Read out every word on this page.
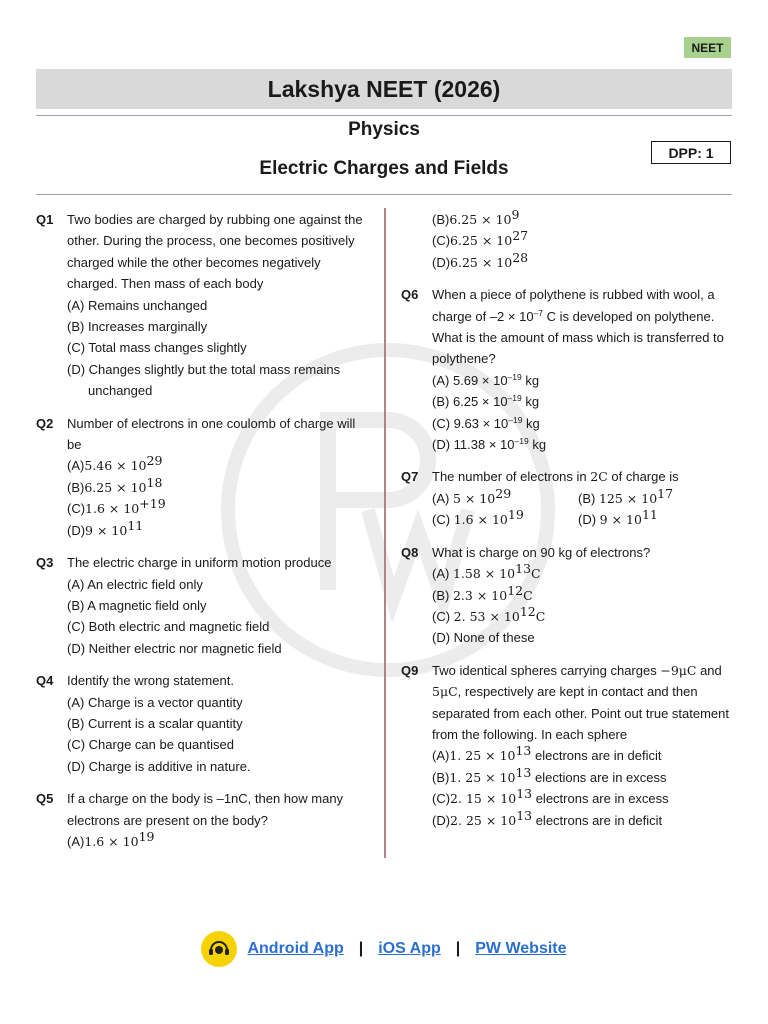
NEET
Lakshya NEET (2026)
Physics
Electric Charges and Fields
DPP: 1
Q1 Two bodies are charged by rubbing one against the other. During the process, one becomes positively charged while the other becomes negatively charged. Then mass of each body
(A) Remains unchanged
(B) Increases marginally
(C) Total mass changes slightly
(D) Changes slightly but the total mass remains unchanged
Q2 Number of electrons in one coulomb of charge will be
$(A)5.46 \times 10^{29}$
$(B)6.25 \times 10^{18}$
$(C)1.6 \times 10^{+19}$
$(D)9 \times 10^{11}$
Q3 The electric charge in uniform motion produce
(A) An electric field only
(B) A magnetic field only
(C) Both electric and magnetic field
(D) Neither electric nor magnetic field
Q4 Identify the wrong statement.
(A) Charge is a vector quantity
(B) Current is a scalar quantity
(C) Charge can be quantised
(D) Charge is additive in nature.
Q5 If a charge on the body is –1nC, then how many electrons are present on the body?
$(A)1.6 \times 10^{19}$
$(B)6.25 \times 10^9$
$(C)6.25 \times 10^{27}$
$(D)6.25 \times 10^{28}$
Q6 When a piece of polythene is rubbed with wool, a charge of $-2 \times 10^{-7}$ C is developed on polythene. What is the amount of mass which is transferred to polythene?
(A) $5.69 \times 10^{-19}$ kg
(B) $6.25 \times 10^{-19}$ kg
(C) $9.63 \times 10^{-19}$ kg
(D) $11.38 \times 10^{-19}$ kg
Q7 The number of electrons in 2C of charge is
(A) $5 \times 10^{29}$	(B) $125 \times 10^{17}$
(C) $1.6 \times 10^{19}$	(D) $9 \times 10^{11}$
Q8 What is charge on 90 kg of electrons?
(A) $1.58 \times 10^{13}C$
(B) $2.3 \times 10^{12}C$
(C) 2. $53 \times 10^{12}C$
(D) None of these
Q9 Two identical spheres carrying charges −9μC and 5μC, respectively are kept in contact and then separated from each other. Point out true statement from the following. In each sphere
(A)1. $25 \times 10^{13}$ electrons are in deficit
(B)1. $25 \times 10^{13}$ elections are in excess
(C)2. $15 \times 10^{13}$ electrons are in excess
(D)2. $25 \times 10^{13}$ electrons are in deficit
Android App | iOS App | PW Website
